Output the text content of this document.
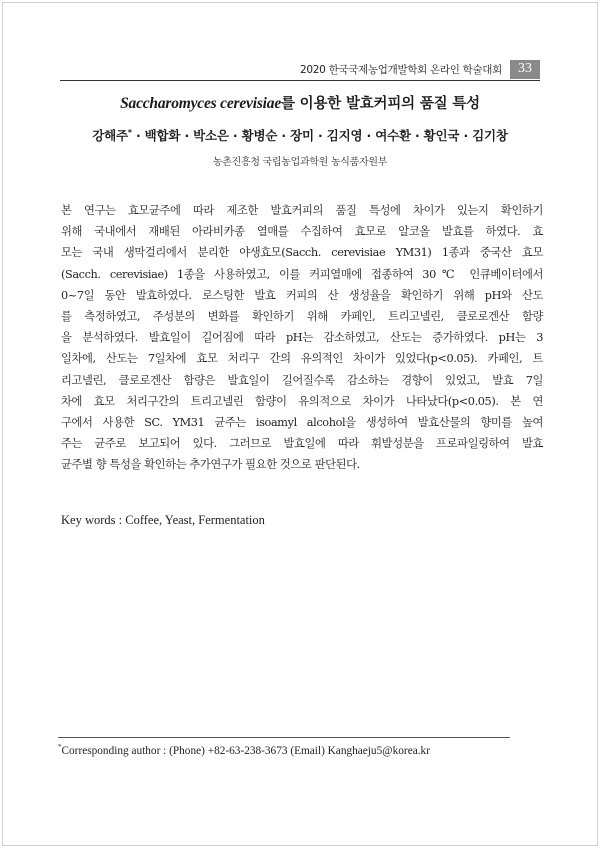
2020 한국국제농업개발학회 온라인 학술대회	33
Saccharomyces cerevisiae를 이용한 발효커피의 품질 특성
강해주* · 백합화 · 박소은 · 황병순 · 장미 · 김지영 · 여수환 · 황인국 · 김기창
농촌진흥청 국립농업과학원 농식품자원부
본 연구는 효모균주에 따라 제조한 발효커피의 품질 특성에 차이가 있는지 확인하기
위해 국내에서 재배된 아라비카종 열매를 수집하여 효모로 알코올 발효를 하였다. 효
모는 국내 생막걸리에서 분리한 야생효모(Sacch. cerevisiae YM31) 1종과 중국산 효모
(Sacch. cerevisiae) 1종을 사용하였고, 이를 커피열매에 접종하여 30℃ 인큐베이터에서
0~7일 동안 발효하였다. 로스팅한 발효 커피의 산 생성율을 확인하기 위해 pH와 산도
를 측정하였고, 주성분의 변화를 확인하기 위해 카페인, 트리고넬린, 클로로겐산 함량
을 분석하였다. 발효일이 길어짐에 따라 pH는 감소하였고, 산도는 증가하였다. pH는 3
일차에, 산도는 7일차에 효모 처리구 간의 유의적인 차이가 있었다(p<0.05). 카페인, 트
리고넬린, 클로로겐산 함량은 발효일이 길어질수록 감소하는 경향이 있었고, 발효 7일
차에 효모 처리구간의 트리고넬린 함량이 유의적으로 차이가 나타났다(p<0.05). 본 연
구에서 사용한 SC. YM31 균주는 isoamyl alcohol을 생성하여 발효산물의 향미를 높여
주는 균주로 보고되어 있다. 그러므로 발효일에 따라 휘발성분을 프로파일링하여 발효
균주별 향 특성을 확인하는 추가연구가 필요한 것으로 판단된다.
Key words : Coffee, Yeast, Fermentation
*Corresponding author : (Phone) +82-63-238-3673 (Email) Kanghaeju5@korea.kr
